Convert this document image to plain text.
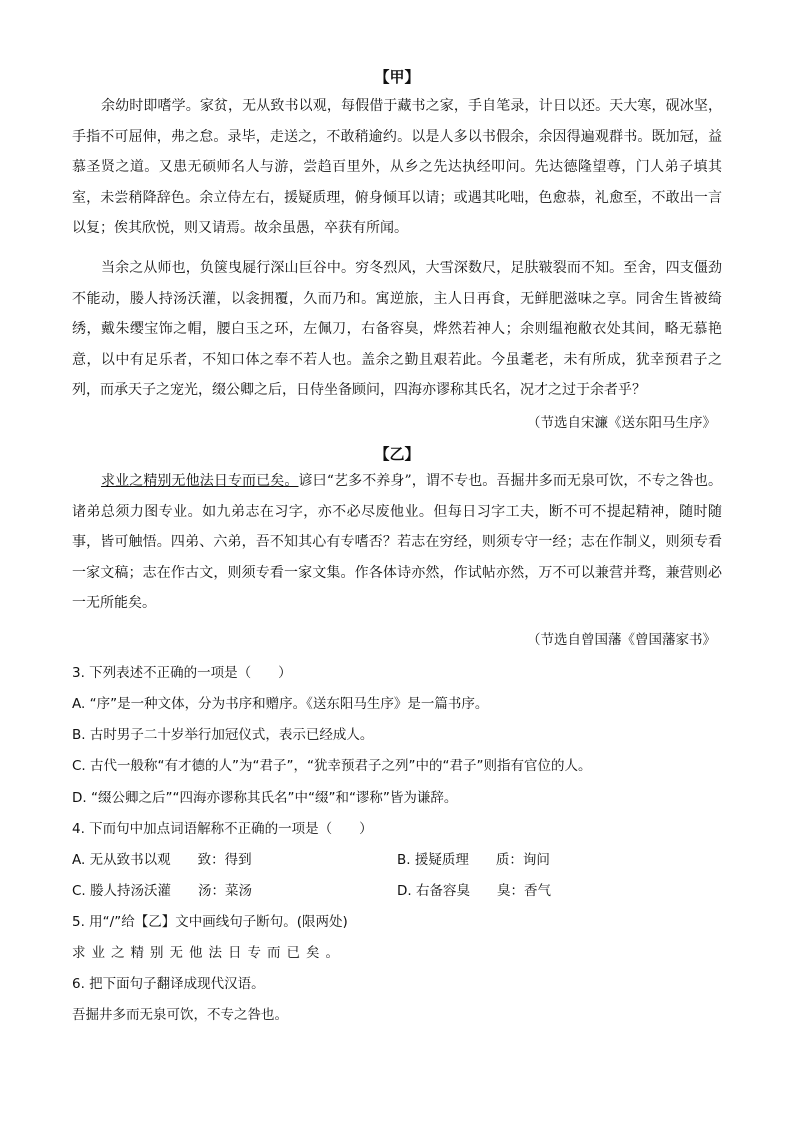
【甲】

余幼时即嗜学。家贫，无从致书以观，每假借于藏书之家，手自笔录，计日以还。天大寒，砚冰坚，手指不可屈伸，弗之怠。录毕，走送之，不敢稍逾约。以是人多以书假余，余因得遍观群书。既加冠，益慕圣贤之道。又患无硕师名人与游，尝趋百里外，从乡之先达执经叩问。先达德隆望尊，门人弟子填其室，未尝稍降辞色。余立侍左右，援疑质理，俯身倾耳以请；或遇其叱咄，色愈恭，礼愈至，不敢出一言以复；俟其欣悦，则又请焉。故余虽愚，卒获有所闻。

当余之从师也，负箧曳屣行深山巨谷中。穷冬烈风，大雪深数尺，足肤皲裂而不知。至舍，四支僵劲不能动，媵人持汤沃灌，以衾拥覆，久而乃和。寓逆旅，主人日再食，无鲜肥滋味之享。同舍生皆被绮绣，戴朱缨宝饰之帽，腰白玉之环，左佩刀，右备容臭，烨然若神人；余则缊袍敝衣处其间，略无慕艳意，以中有足乐者，不知口体之奉不若人也。盖余之勤且艰若此。今虽耄老，未有所成，犹幸预君子之列，而承天子之宠光，缀公卿之后，日侍坐备顾问，四海亦谬称其氏名，况才之过于余者乎？

（节选自宋濂《送东阳马生序》
【乙】

求业之精别无他法日专而已矣。谚曰“艺多不养身”，谓不专也。吾掘井多而无泉可饮，不专之咎也。诸弟总须力图专业。如九弟志在习字，亦不必尽废他业。但每日习字工夫，断不可不提起精神，随时随事，皆可触悟。四弟、六弟，吾不知其心有专嗜否？若志在穷经，则须专守一经；志在作制义，则须专看一家文稿；志在作古文，则须专看一家文集。作各体诗亦然，作试帖亦然，万不可以兼营并骛，兼营则必一无所能矣。

（节选自曾国藩《曾国藩家书》
3. 下列表述不正确的一项是（　　）
A. “序”是一种文体，分为书序和赠序。《送东阳马生序》是一篇书序。
B. 古时男子二十岁举行加冠仪式，表示已经成人。
C. 古代一般称“有才德的人”为“君子”，“犹幸预君子之列”中的“君子”则指有官位的人。
D. “缀公卿之后”“四海亦谬称其氏名”中“缀”和“谬称”皆为谦辞。
4. 下而句中加点词语解称不正确的一项是（　　）
A. 无从致书以观　　致：得到	B. 援疑质理　　质：询问
C. 媵人持汤沃灌　　汤：菜汤	D. 右备容臭　　臭：香气
5. 用“/”给【乙】文中画线句子断句。(限两处)
求业之精别无他法日专而已矣。
6. 把下面句子翻译成现代汉语。
吾掘井多而无泉可饮，不专之咎也。
